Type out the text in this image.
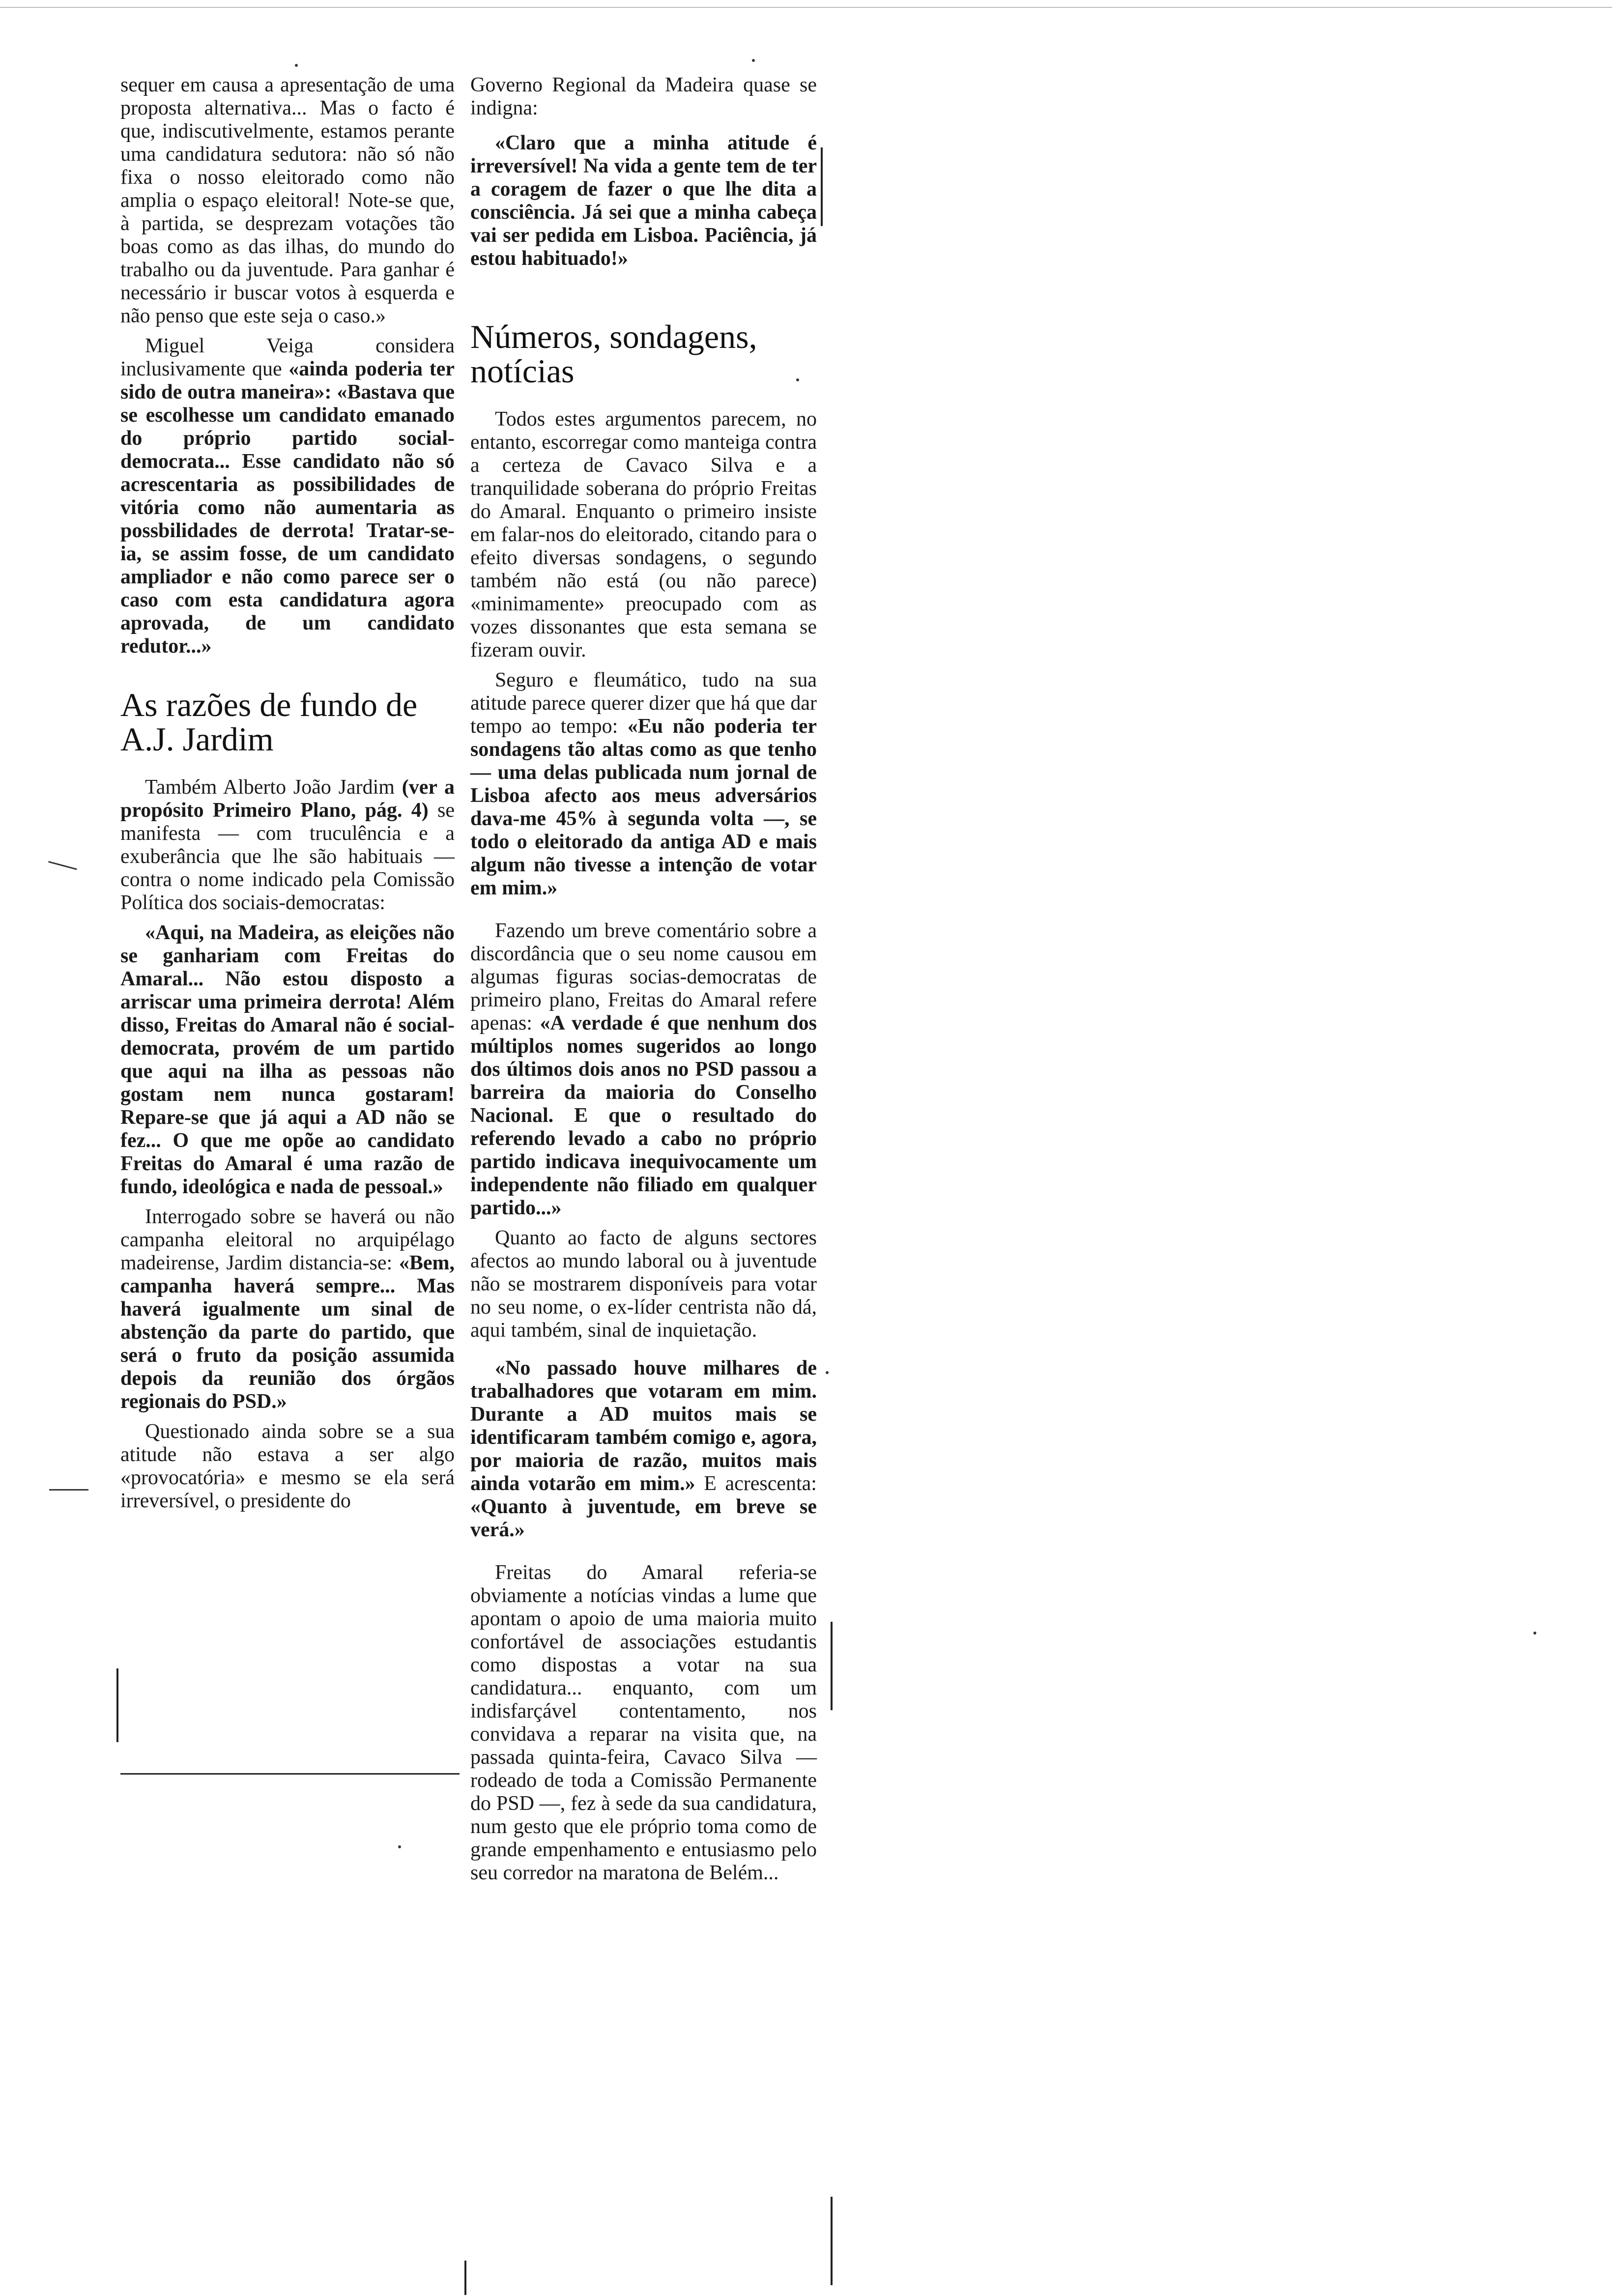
sequer em causa a apresentação de uma proposta alternativa... Mas o facto é que, indiscutivelmente, estamos perante uma candidatura sedutora: não só não fixa o nosso eleitorado como não amplia o espaço eleitoral! Note-se que, à partida, se desprezam votações tão boas como as das ilhas, do mundo do trabalho ou da juventude. Para ganhar é necessário ir buscar votos à esquerda e não penso que este seja o caso.»

Miguel Veiga considera inclusivamente que «ainda poderia ter sido de outra maneira»: «Bastava que se escolhesse um candidato emanado do próprio partido social-democrata... Esse candidato não só acrescentaria as possibilidades de vitória como não aumentaria as possbilidades de derrota! Tratar-se-ia, se assim fosse, de um candidato ampliador e não como parece ser o caso com esta candidatura agora aprovada, de um candidato redutor...»

As razões de fundo de A.J. Jardim

Também Alberto João Jardim (ver a propósito Primeiro Plano, pág. 4) se manifesta — com truculência e a exuberância que lhe são habituais — contra o nome indicado pela Comissão Política dos sociais-democratas:

«Aqui, na Madeira, as eleições não se ganhariam com Freitas do Amaral... Não estou disposto a arriscar uma primeira derrota! Além disso, Freitas do Amaral não é social-democrata, provém de um partido que aqui na ilha as pessoas não gostam nem nunca gostaram! Repare-se que já aqui a AD não se fez... O que me opõe ao candidato Freitas do Amaral é uma razão de fundo, ideológica e nada de pessoal.»

Interrogado sobre se haverá ou não campanha eleitoral no arquipélago madeirense, Jardim distancia-se: «Bem, campanha haverá sempre... Mas haverá igualmente um sinal de abstenção da parte do partido, que será o fruto da posição assumida depois da reunião dos órgãos regionais do PSD.»

Questionado ainda sobre se a sua atitude não estava a ser algo «provocatória» e mesmo se ela será irreversível, o presidente do

Governo Regional da Madeira quase se indigna:

«Claro que a minha atitude é irreversível! Na vida a gente tem de ter a coragem de fazer o que lhe dita a consciência. Já sei que a minha cabeça vai ser pedida em Lisboa. Paciência, já estou habituado!»

Números, sondagens, notícias

Todos estes argumentos parecem, no entanto, escorregar como manteiga contra a certeza de Cavaco Silva e a tranquilidade soberana do próprio Freitas do Amaral. Enquanto o primeiro insiste em falar-nos do eleitorado, citando para o efeito diversas sondagens, o segundo também não está (ou não parece) «minimamente» preocupado com as vozes dissonantes que esta semana se fizeram ouvir.

Seguro e fleumático, tudo na sua atitude parece querer dizer que há que dar tempo ao tempo: «Eu não poderia ter sondagens tão altas como as que tenho — uma delas publicada num jornal de Lisboa afecto aos meus adversários dava-me 45% à segunda volta —, se todo o eleitorado da antiga AD e mais algum não tivesse a intenção de votar em mim.»

Fazendo um breve comentário sobre a discordância que o seu nome causou em algumas figuras socias-democratas de primeiro plano, Freitas do Amaral refere apenas: «A verdade é que nenhum dos múltiplos nomes sugeridos ao longo dos últimos dois anos no PSD passou a barreira da maioria do Conselho Nacional. E que o resultado do referendo levado a cabo no próprio partido indicava inequivocamente um independente não filiado em qualquer partido...»

Quanto ao facto de alguns sectores afectos ao mundo laboral ou à juventude não se mostrarem disponíveis para votar no seu nome, o ex-líder centrista não dá, aqui também, sinal de inquietação.

«No passado houve milhares de trabalhadores que votaram em mim. Durante a AD muitos mais se identificaram também comigo e, agora, por maioria de razão, muitos mais ainda votarão em mim.» E acrescenta: «Quanto à juventude, em breve se verá.»

Freitas do Amaral referia-se obviamente a notícias vindas a lume que apontam o apoio de uma maioria muito confortável de associações estudantis como dispostas a votar na sua candidatura... enquanto, com um indisfarçável contentamento, nos convidava a reparar na visita que, na passada quinta-feira, Cavaco Silva — rodeado de toda a Comissão Permanente do PSD —, fez à sede da sua candidatura, num gesto que ele próprio toma como de grande empenhamento e entusiasmo pelo seu corredor na maratona de Belém...
